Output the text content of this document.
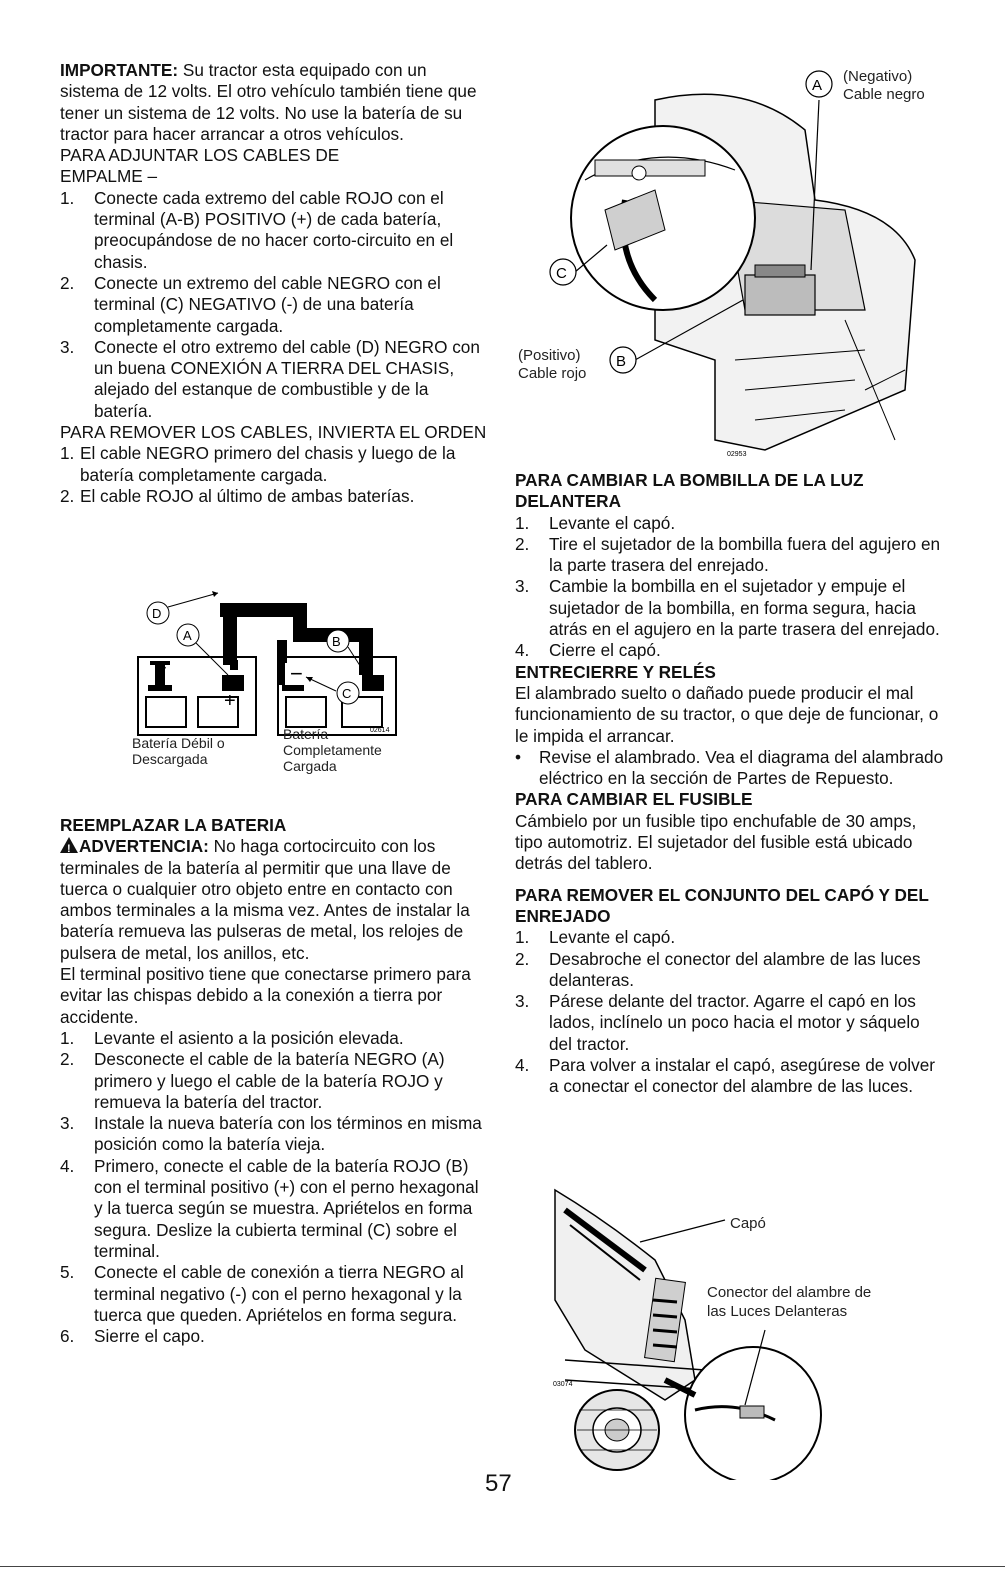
IMPORTANTE: Su tractor esta equipado con un sistema de 12 volts. El otro vehículo también tiene que tener un sistema de 12 volts. No use la batería de su tractor para hacer arrancar a otros vehículos.

PARA ADJUNTAR LOS CABLES DE

EMPALME –

1. Conecte cada extremo del cable ROJO con el terminal (A-B) POSITIVO (+) de cada batería, preocupándose de no hacer corto-circuito en el chasis.
2. Conecte un extremo del cable NEGRO con el terminal (C) NEGATIVO (-) de una batería completamente cargada.
3. Conecte el otro extremo del cable (D) NEGRO con un buena CONEXIÓN A TIERRA DEL CHASIS, alejado del estanque de combustible y de la batería.

PARA REMOVER LOS CABLES, INVIERTA EL ORDEN

1. El cable NEGRO primero del chasis y luego de la batería completamente cargada.
2. El cable ROJO al último de ambas baterías.
−
+
−	+
D
A	B
C
02614
Batería Débil o
Descargada
Batería
Completamente
Cargada

REEMPLAZAR LA BATERIA

!ADVERTENCIA: No haga cortocircuito con los terminales de la batería al permitir que una llave de tuerca o cualquier otro objeto entre en contacto con ambos terminales a la misma vez. Antes de instalar la batería remueva las pulseras de metal, los relojes de pulsera de metal, los anillos, etc.

El terminal positivo tiene que conectarse primero para evitar las chispas debido a la conexión a tierra por accidente.

1. Levante el asiento a la posición elevada.
2. Desconecte el cable de la batería NEGRO (A) primero y luego el cable de la batería ROJO y remueva la batería del tractor.
3. Instale la nueva batería con los términos en misma posición como la batería vieja.
4. Primero, conecte el cable de la batería ROJO (B) con el terminal positivo (+) con el perno hexagonal y la tuerca según se muestra. Apriételos en forma segura. Deslize la cubierta terminal (C) sobre el terminal.
5. Conecte el cable de conexión a tierra NEGRO al terminal negativo (-) con el perno hexagonal y la tuerca que queden. Apriételos en forma segura.
6. Sierre el capo.
A
C
B
02953
(Negativo)
Cable negro
(Positivo)
Cable rojo

PARA CAMBIAR LA BOMBILLA DE LA LUZ DELANTERA

1. Levante el capó.
2. Tire el sujetador de la bombilla fuera del agujero en la parte trasera del enrejado.
3. Cambie la bombilla en el sujetador y empuje el sujetador de la bombilla, en forma segura, hacia atrás en el agujero en la parte trasera del enrejado.
4. Cierre el capó.

ENTRECIERRE Y RELÉS

El alambrado suelto o dañado puede producir el mal funcionamiento de su tractor, o que deje de funcionar, o le impida el arrancar.

• Revise el alambrado. Vea el diagrama del alambrado eléctrico en la sección de Partes de Repuesto.

PARA CAMBIAR EL FUSIBLE

Cámbielo por un fusible tipo enchufable de 30 amps, tipo automotriz. El sujetador del fusible está ubicado detrás del tablero.

PARA REMOVER EL CONJUNTO DEL CAPÓ Y DEL ENREJADO

1. Levante el capó.
2. Desabroche el conector del alambre de las luces delanteras.
3. Párese delante del tractor. Agarre el capó en los lados, inclínelo un poco hacia el motor y sáquelo del tractor.
4. Para volver a instalar el capó, asegúrese de volver a conectar el conector del alambre de las luces.
03074
Capó
Conector del alambre de
las Luces Delanteras
57
